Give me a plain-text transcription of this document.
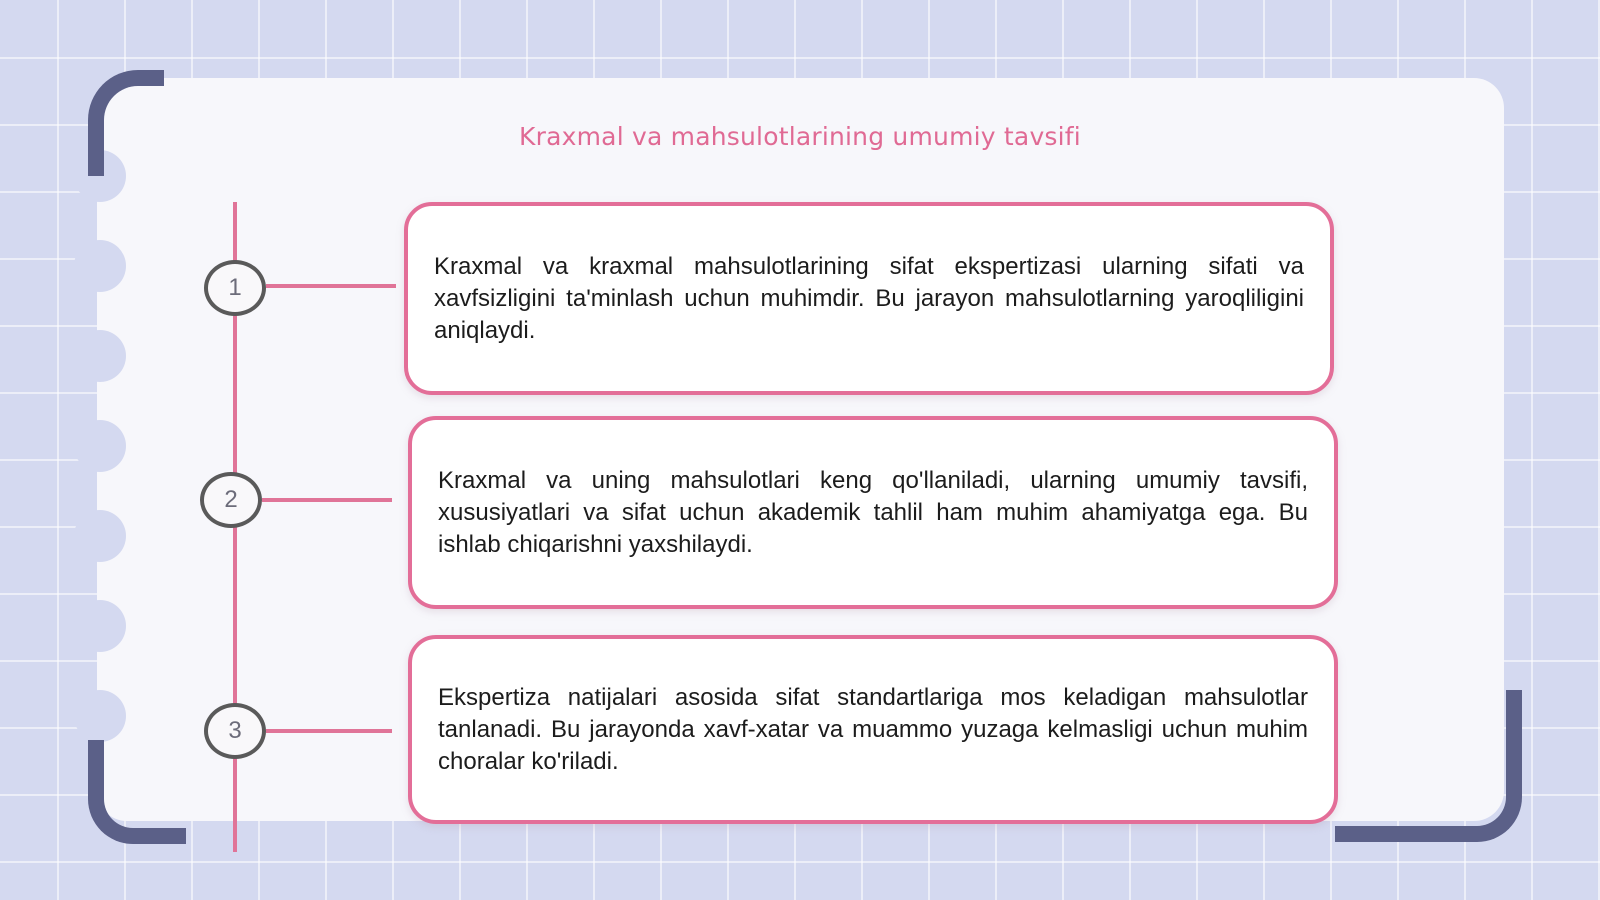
Kraxmal va mahsulotlarining umumiy tavsifi
1

Kraxmal va kraxmal mahsulotlarining sifat ekspertizasi ularning sifati va xavfsizligini ta'minlash uchun muhimdir. Bu jarayon mahsulotlarning yaroqliligini aniqlaydi.

2

Kraxmal va uning mahsulotlari keng qo'llaniladi, ularning umumiy tavsifi, xususiyatlari va sifat uchun akademik tahlil ham muhim ahamiyatga ega. Bu ishlab chiqarishni yaxshilaydi.

3

Ekspertiza natijalari asosida sifat standartlariga mos keladigan mahsulotlar tanlanadi. Bu jarayonda xavf-xatar va muammo yuzaga kelmasligi uchun muhim choralar ko'riladi.
